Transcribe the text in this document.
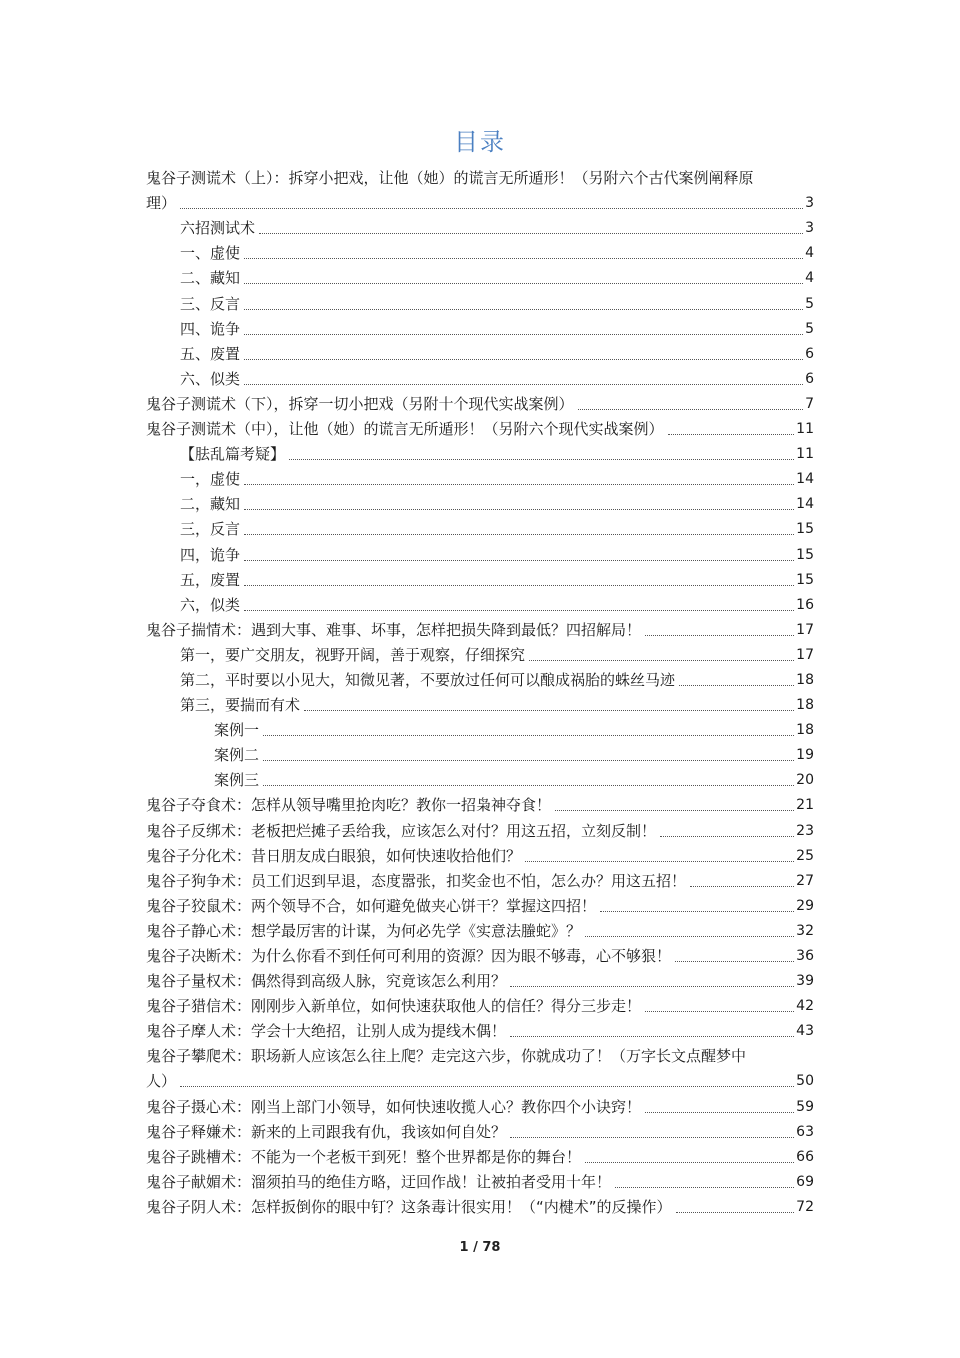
目录
鬼谷子测谎术（上）：拆穿小把戏，让他（她）的谎言无所遁形！（另附六个古代案例阐释原
理）	3
六招测试术	3
一、虚使	4
二、藏知	4
三、反言	5
四、诡争	5
五、废置	6
六、似类	6
鬼谷子测谎术（下），拆穿一切小把戏（另附十个现代实战案例）	7
鬼谷子测谎术（中），让他（她）的谎言无所遁形！（另附六个现代实战案例）	11
【胠乱篇考疑】	11
一，虚使	14
二，藏知	14
三，反言	15
四，诡争	15
五，废置	15
六，似类	16
鬼谷子揣情术：遇到大事、难事、坏事，怎样把损失降到最低？四招解局！	17
第一，要广交朋友，视野开阔，善于观察，仔细探究	17
第二，平时要以小见大，知微见著，不要放过任何可以酿成祸胎的蛛丝马迹	18
第三，要揣而有术	18
案例一	18
案例二	19
案例三	20
鬼谷子夺食术：怎样从领导嘴里抢肉吃？教你一招枭神夺食！	21
鬼谷子反绑术：老板把烂摊子丢给我，应该怎么对付？用这五招，立刻反制！	23
鬼谷子分化术：昔日朋友成白眼狼，如何快速收拾他们？	25
鬼谷子狗争术：员工们迟到早退，态度嚣张，扣奖金也不怕，怎么办？用这五招！	27
鬼谷子狡鼠术：两个领导不合，如何避免做夹心饼干？掌握这四招！	29
鬼谷子静心术：想学最厉害的计谋，为何必先学《实意法螣蛇》？	32
鬼谷子决断术：为什么你看不到任何可利用的资源？因为眼不够毒，心不够狠！	36
鬼谷子量权术：偶然得到高级人脉，究竟该怎么利用？	39
鬼谷子猎信术：刚刚步入新单位，如何快速获取他人的信任？得分三步走！	42
鬼谷子摩人术：学会十大绝招，让别人成为提线木偶！	43
鬼谷子攀爬术：职场新人应该怎么往上爬？走完这六步，你就成功了！（万字长文点醒梦中
人）	50
鬼谷子摄心术：刚当上部门小领导，如何快速收揽人心？教你四个小诀窍！	59
鬼谷子释嫌术：新来的上司跟我有仇，我该如何自处？	63
鬼谷子跳槽术：不能为一个老板干到死！整个世界都是你的舞台！	66
鬼谷子献媚术：溜须拍马的绝佳方略，迂回作战！让被拍者受用十年！	69
鬼谷子阴人术：怎样扳倒你的眼中钉？这条毒计很实用！（“内楗术”的反操作）	72
1 / 78
